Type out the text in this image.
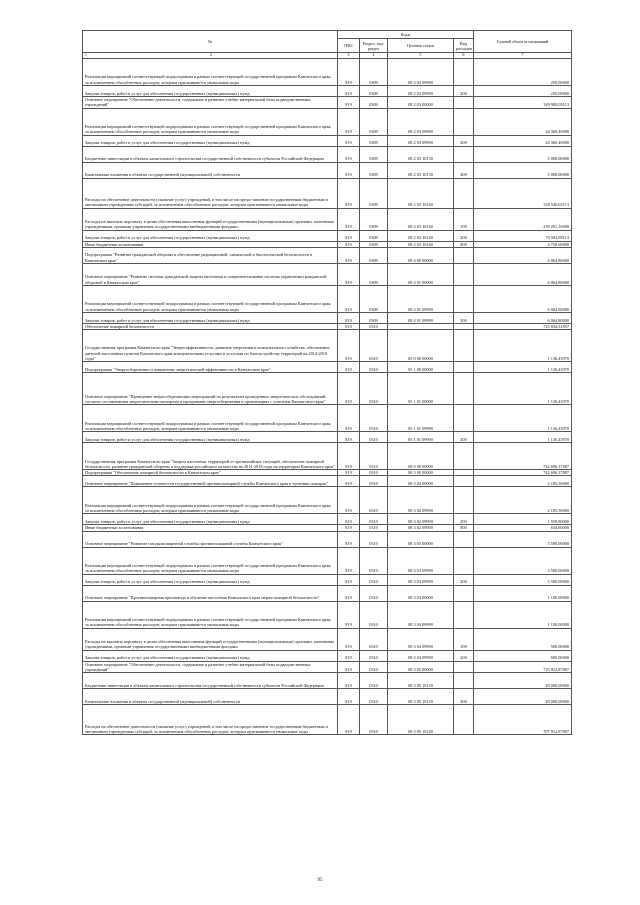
№	Коды				Годовой объем ассигнований
	ГРБС	Раздел, под-раздел	Целевая статья	Вид расходов	

1 2	3	4	5	6	7
Реализация мероприятий соответствующей подпрограммы в рамках соответствующей государственной программы Камчатского края, за исключением обособленных расходов, которым присваиваются уникальные коды	819	0309	08 2 02 09990		250,00000
Закупка товаров, работ и услуг для обеспечения государственных (муниципальных) нужд	819	0309	08 2 02 09990	200	250,00000
Основное мероприятие "Обеспечение деятельности, содержание и развитие учебно-материальной базы подведомственных учреждений"	819	0309	08 2 03 00000		349 908,05113
Реализация мероприятий соответствующей подпрограммы в рамках соответствующей государственной программы Камчатского края, за исключением обособленных расходов, которым присваиваются уникальные коды	819	0309	08 2 03 09990		24 360,40000
Закупка товаров, работ и услуг для обеспечения государственных (муниципальных) нужд	819	0309	08 2 03 09990	200	24 360,40000
Бюджетные инвестиции в объекты капитального строительства государственной собственности субъектов Российской Федерации	819	0309	08 2 03 10130		5 000,00000
Капитальные вложения в объекты государственной (муниципальной) собственности	819	0309	08 2 03 10130	400	5 000,00000
Расходы на обеспечение деятельности (оказание услуг) учреждений, в том числе на предоставление государственным бюджетным и автономным учреждениям субсидий, за исключением обособленных расходов, которым присваиваются уникальные коды	819	0309	08 2 03 10140		320 546,65113
Расходы на выплаты персоналу в целях обеспечения выполнения функций государственными (муниципальными) органами, казенными учреждениями, органами управления государственными внебюджетными фондами	819	0309	08 2 03 10140	100	239 291,16000
Закупка товаров, работ и услуг для обеспечения государственных (муниципальных) нужд	819	0309	08 2 03 10140	200	76 504,89113
Иные бюджетные ассигнования	819	0309	08 2 03 10140	800	4 750,60000
Подпрограмма "Развитие гражданской обороны и обеспечение радиационной, химической и биологической безопасности в Камчатском крае"	819	0309	08 4 00 00000		6 064,80000
Основное мероприятие "Развитие системы гражданской защиты населения и совершенствование системы управления гражданской обороной в Камчатском крае"	819	0309	08 4 01 00000		6 064,80000
Реализация мероприятий соответствующей подпрограммы в рамках соответствующей государственной программы Камчатского края, за исключением обособленных расходов, которым присваиваются уникальные коды	819	0309	08 4 01 09990		6 064,80000
Закупка товаров, работ и услуг для обеспечения государственных (муниципальных) нужд	819	0309	08 4 01 09990	200	6 064,80000
Обеспечение пожарной безопасности	819	0310			743 834,31857
Государственная программа Камчатского края "Энергоэффективность, развитие энергетики и коммунального хозяйства, обеспечение жителей населенных пунктов Камчатского края коммунальными услугами и услугами по благоустройству территорий на 2014-2018 годы"	819	0310	05 0 00 00000		1 136,43970
Подпрограмма "Энергосбережение и повышение энергетической эффективности в Камчатском крае"	819	0310	05 1 00 00000		1 136,43970
Основное мероприятие "Проведение энергосберегающих мероприятий по результатам проведенных энергетических обследований, согласно составленным энергетическим паспортам и программам энергосбережения в организациях с участием Камчатского края"	819	0310	05 1 01 00000		1 136,43970
Реализация мероприятий соответствующей подпрограммы в рамках соответствующей государственной программы Камчатского края, за исключением обособленных расходов, которым присваиваются уникальные коды	819	0310	05 1 01 09990		1 136,43970
Закупка товаров, работ и услуг для обеспечения государственных (муниципальных) нужд	819	0310	05 1 01 09990	200	1 136,43970
Государственная программа Камчатского края "Защита населения, территорий от чрезвычайных ситуаций, обеспечение пожарной безопасности, развитие гражданской обороны и поддержка российского казачества на 2014-2018 годы на территории Камчатского края"	819	0310	08 0 00 00000		742 696,37887
Подпрограмма "Обеспечение пожарной безопасности в Камчатском крае"	819	0310	08 3 00 00000		742 696,37887
Основное мероприятие "Повышение готовности государственной противопожарной службы Камчатского края к тушению пожаров"	819	0310	08 3 02 00000		2 185,50000
Реализация мероприятий соответствующей подпрограммы в рамках соответствующей государственной программы Камчатского края, за исключением обособленных расходов, которым присваиваются уникальные коды	819	0310	08 3 02 09990		2 185,50000
Закупка товаров, работ и услуг для обеспечения государственных (муниципальных) нужд	819	0310	08 3 02 09990	200	1 550,90000
Иные бюджетные ассигнования	819	0310	08 3 02 09990	800	634,60000
Основное мероприятие "Развитие газодымозащитной службы противопожарной службы Камчатского края"	819	0310	08 3 03 00000		3 500,00000
Реализация мероприятий соответствующей подпрограммы в рамках соответствующей государственной программы Камчатского края, за исключением обособленных расходов, которым присваиваются уникальные коды	819	0310	08 3 03 09990		3 500,00000
Закупка товаров, работ и услуг для обеспечения государственных (муниципальных) нужд	819	0310	08 3 03 09990	200	3 500,00000
Основное мероприятие "Противопожарная пропаганда и обучение населения Камчатского края мерам пожарной безопасности"	819	0310	08 3 04 00000		1 100,00000
Реализация мероприятий соответствующей подпрограммы в рамках соответствующей государственной программы Камчатского края, за исключением обособленных расходов, которым присваиваются уникальные коды	819	0310	08 3 04 09990		1 100,00000
Расходы на выплаты персоналу в целях обеспечения выполнения функций государственными (муниципальными) органами, казенными учреждениями, органами управления государственными внебюджетными фондами	819	0310	08 3 04 09990	100	500,00000
Закупка товаров, работ и услуг для обеспечения государственных (муниципальных) нужд	819	0310	08 3 04 09990	200	600,00000
Основное мероприятие "Обеспечение деятельности, содержание и развитие учебно-материальной базы подведомственных учреждений"	819	0310	08 3 05 00000		735 912,87887
Бюджетные инвестиции в объекты капитального строительства государственной собственности субъектов Российской Федерации	819	0310	08 3 05 10130		28 000,00000
Капитальные вложения в объекты государственной (муниципальной) собственности	819	0310	08 3 05 10130	400	28 000,00000
Расходы на обеспечение деятельности (оказание услуг) учреждений, в том числе на предоставление государственным бюджетным и автономным учреждениям субсидий, за исключением обособленных расходов, которым присваиваются уникальные коды	819	0310	08 3 05 10140		707 912,87887
95
